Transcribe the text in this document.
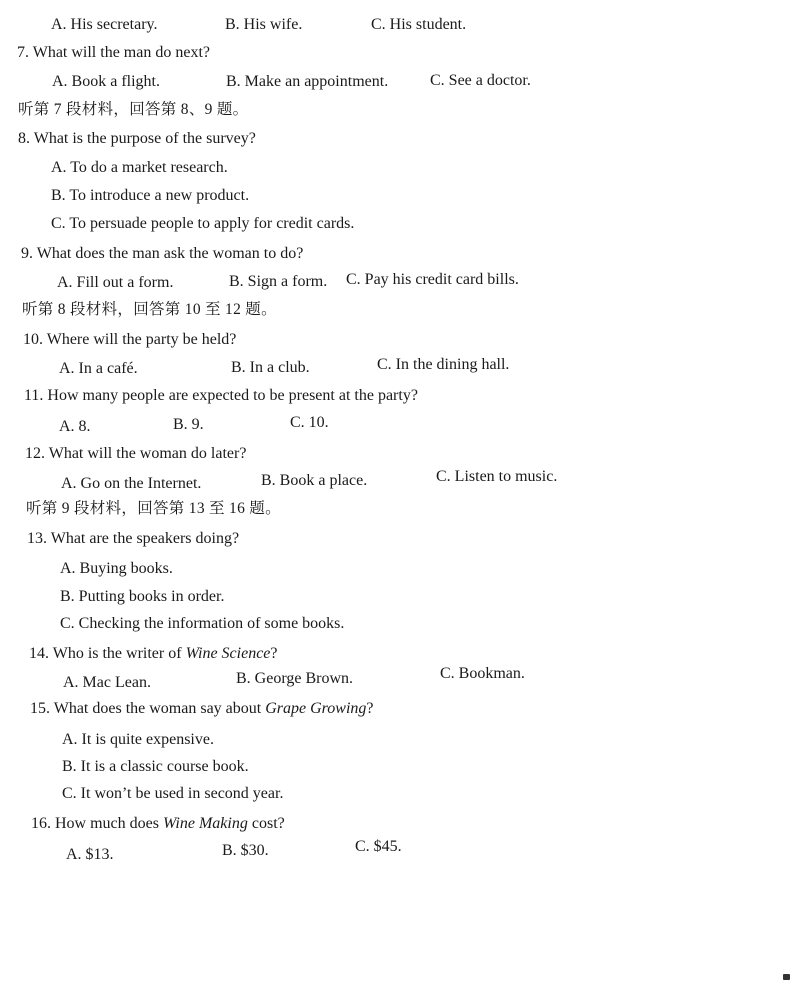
A. His secretary.	B. His wife.	C. His student.
7. What will the man do next?
A. Book a flight.	B. Make an appointment.	C. See a doctor.
听第 7 段材料，回答第 8、9 题。
8. What is the purpose of the survey?
A. To do a market research.
B. To introduce a new product.
C. To persuade people to apply for credit cards.
9. What does the man ask the woman to do?
A. Fill out a form.	B. Sign a form. C. Pay his credit card bills.
听第 8 段材料，回答第 10 至 12 题。
10. Where will the party be held?
A. In a café.	B. In a club.	C. In the dining hall.
11. How many people are expected to be present at the party?
A. 8.	B. 9.	C. 10.
12. What will the woman do later?
A. Go on the Internet.	B. Book a place.	C. Listen to music.
听第 9 段材料，回答第 13 至 16 题。
13. What are the speakers doing?
A. Buying books.
B. Putting books in order.
C. Checking the information of some books.
14. Who is the writer of Wine Science?
A. Mac Lean.	B. George Brown.	C. Bookman.
15. What does the woman say about Grape Growing?
A. It is quite expensive.
B. It is a classic course book.
C. It won’t be used in second year.
16. How much does Wine Making cost?
A. $13.	B. $30.	C. $45.
